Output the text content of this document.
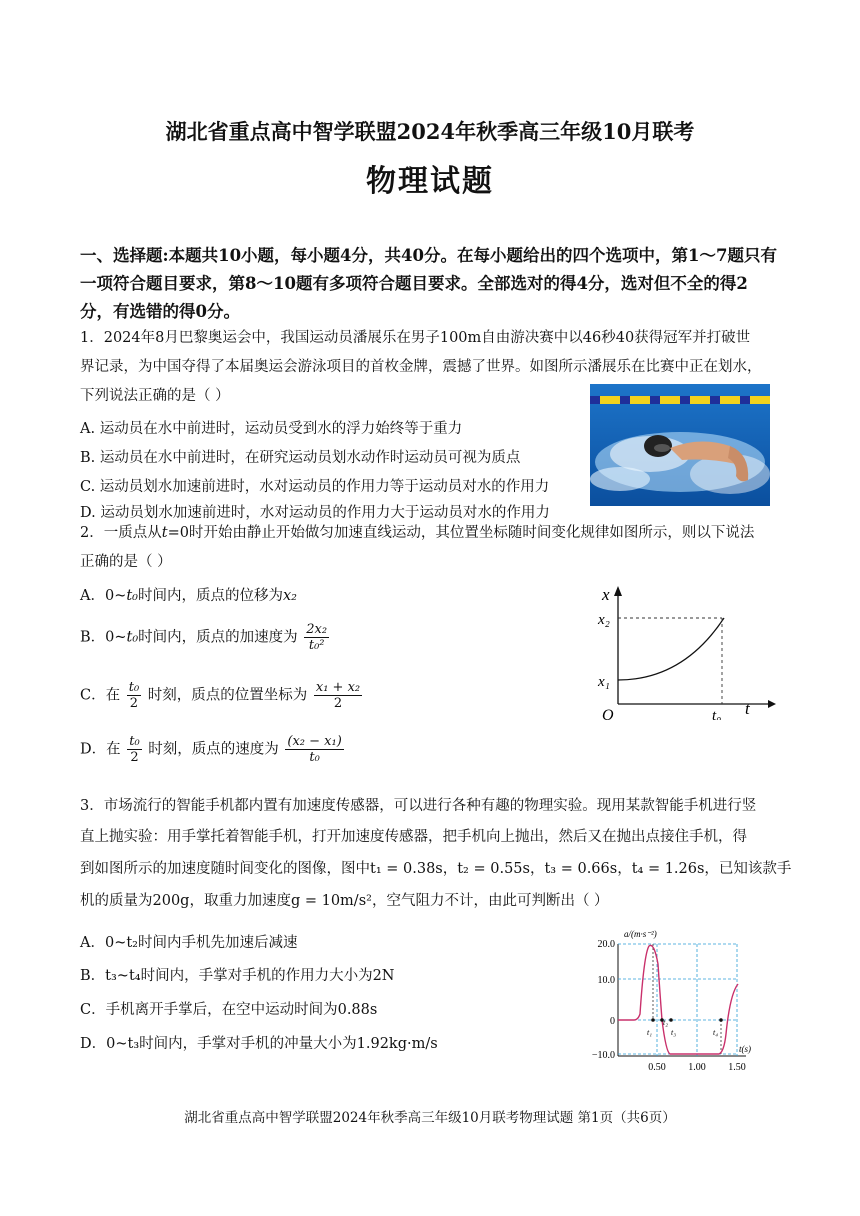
湖北省重点高中智学联盟2024年秋季高三年级10月联考
物理试题
一、选择题:本题共10小题，每小题4分，共40分。在每小题给出的四个选项中，第1～7题只有一项符合题目要求，第8～10题有多项符合题目要求。全部选对的得4分，选对但不全的得2分，有选错的得0分。
1．2024年8月巴黎奥运会中，我国运动员潘展乐在男子100m自由游决赛中以46秒40获得冠军并打破世
界记录，为中国夺得了本届奥运会游泳项目的首枚金牌，震撼了世界。如图所示潘展乐在比赛中正在划水，
下列说法正确的是（ ）
A. 运动员在水中前进时，运动员受到水的浮力始终等于重力
B. 运动员在水中前进时，在研究运动员划水动作时运动员可视为质点
C. 运动员划水加速前进时，水对运动员的作用力等于运动员对水的作用力
D. 运动员划水加速前进时，水对运动员的作用力大于运动员对水的作用力
2．一质点从t=0时开始由静止开始做匀加速直线运动，其位置坐标随时间变化规律如图所示，则以下说法
正确的是（ ）
A．0~t₀时间内，质点的位移为x₂
B．0~t₀时间内，质点的加速度为 $\frac{\text{2x₂}}{\text{t₀²}}$
C．在 $\frac{\text{t₀}}{2}$ 时刻，质点的位置坐标为 $\frac{\text{x₁ + x₂}}{2}$
D．在 $\frac{\text{t₀}}{2}$ 时刻，质点的速度为 $\frac{\text{(x₂ − x₁)}}{\text{t₀}}$
x
t
O
x₁
x₂
t₀
3．市场流行的智能手机都内置有加速度传感器，可以进行各种有趣的物理实验。现用某款智能手机进行竖
直上抛实验：用手掌托着智能手机，打开加速度传感器，把手机向上抛出，然后又在抛出点接住手机，得
到如图所示的加速度随时间变化的图像，图中t₁ = 0.38s，t₂ = 0.55s，t₃ = 0.66s，t₄ = 1.26s，已知该款手
机的质量为200g，取重力加速度g = 10m/s²，空气阻力不计，由此可判断出（ ）
A．0~t₂时间内手机先加速后减速
B．t₃~t₄时间内，手掌对手机的作用力大小为2N
C．手机离开手掌后，在空中运动时间为0.88s
D．0~t₃时间内，手掌对手机的冲量大小为1.92kg·m/s
a/(m·s⁻²)
t(s)
20.0
10.0
0
−10.0
0.50 1.00 1.50
t₁
t₂
t₃	t₄
湖北省重点高中智学联盟2024年秋季高三年级10月联考物理试题 第1页（共6页）
